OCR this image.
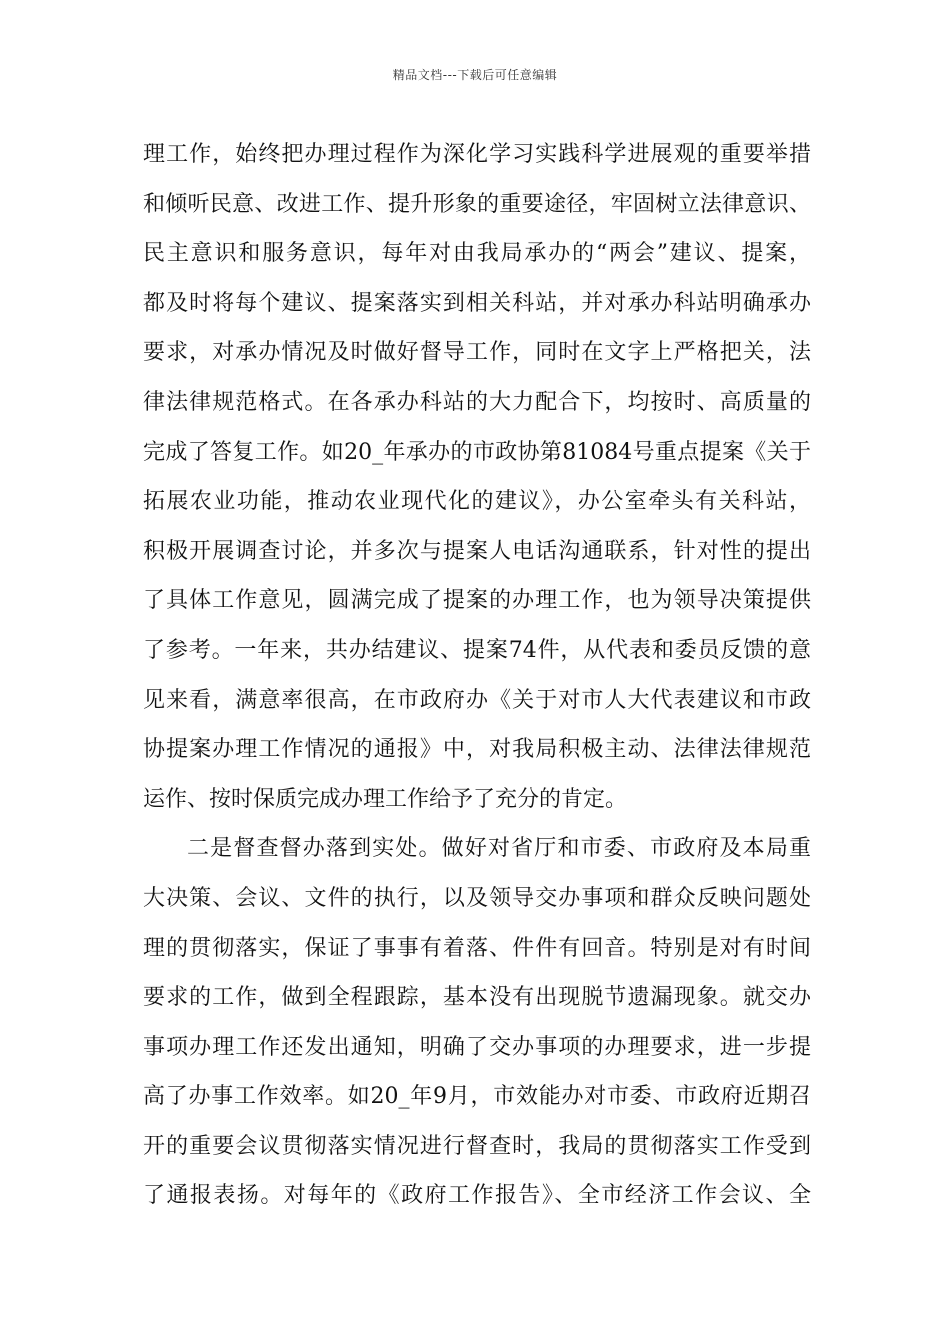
精品文档---下载后可任意编辑
理工作，始终把办理过程作为深化学习实践科学进展观的重要举措
和倾听民意、改进工作、提升形象的重要途径，牢固树立法律意识、
民主意识和服务意识，每年对由我局承办的“两会”建议、提案，
都及时将每个建议、提案落实到相关科站，并对承办科站明确承办
要求，对承办情况及时做好督导工作，同时在文字上严格把关，法
律法律规范格式。在各承办科站的大力配合下，均按时、高质量的
完成了答复工作。如20_年承办的市政协第81084号重点提案《关于
拓展农业功能，推动农业现代化的建议》，办公室牵头有关科站，
积极开展调查讨论，并多次与提案人电话沟通联系，针对性的提出
了具体工作意见，圆满完成了提案的办理工作，也为领导决策提供
了参考。一年来，共办结建议、提案74件，从代表和委员反馈的意
见来看，满意率很高，在市政府办《关于对市人大代表建议和市政
协提案办理工作情况的通报》中，对我局积极主动、法律法律规范
运作、按时保质完成办理工作给予了充分的肯定。
二是督查督办落到实处。做好对省厅和市委、市政府及本局重
大决策、会议、文件的执行，以及领导交办事项和群众反映问题处
理的贯彻落实，保证了事事有着落、件件有回音。特别是对有时间
要求的工作，做到全程跟踪，基本没有出现脱节遗漏现象。就交办
事项办理工作还发出通知，明确了交办事项的办理要求，进一步提
高了办事工作效率。如20_年9月，市效能办对市委、市政府近期召
开的重要会议贯彻落实情况进行督查时，我局的贯彻落实工作受到
了通报表扬。对每年的《政府工作报告》、全市经济工作会议、全
